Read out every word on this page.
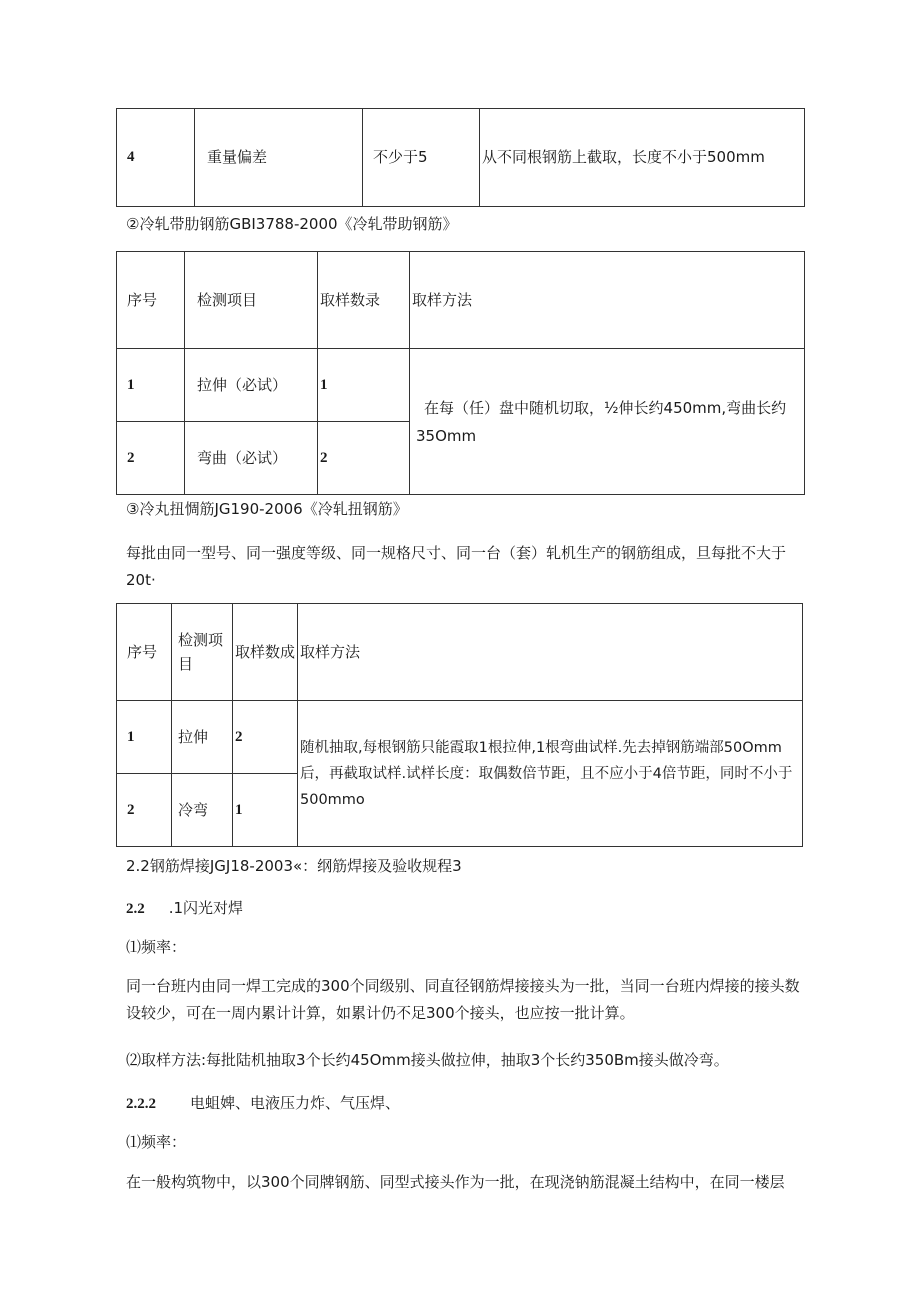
4	重量偏差	不少于5	从不同根钢筋上截取，长度不小于500mm
②冷轧带肋钢筋GBI3788-2000《冷轧带助钢筋》
序号	检测项目	取样数录	取样方法
1	拉伸（必试）	1	在每（任）盘中随机切取，½伸长约450mm,弯曲长约35Omm

2	弯曲（必试）	2	
③冷丸扭惆筋JG190-2006《冷轧扭钢筋》
每批由同一型号、同一强度等级、同一规格尺寸、同一台（套）轧机生产的钢筋组成，旦每批不大于20t·
序号	检测项目	取样数成	取样方法
1	拉伸	2	随机抽取,每根钢筋只能霞取1根拉伸,1根弯曲试样.先去掉钢筋端部50Omm后，再截取试样.试样长度：取偶数倍节距，且不应小于4倍节距，同时不小于500mmo

2	冷弯	1	
2.2钢筋焊接JGJ18-2003«：纲筋焊接及验收规程3
2.2 .1闪光对焊
⑴频率：
同一台班内由同一焊工完成的300个同级别、同直径钢筋焊接接头为一批，当同一台班内焊接的接头数设较少，可在一周内累计计算，如累计仍不足300个接头，也应按一批计算。
⑵取样方法:每批陆机抽取3个长约45Omm接头做拉伸，抽取3个长约350Bm接头做冷弯。
2.2.2 电蛆婢、电液压力炸、气压焊、
⑴频率：
在一般构筑物中，以300个同牌钢筋、同型式接头作为一批，在现浇钠筋混凝土结构中，在同一楼层
